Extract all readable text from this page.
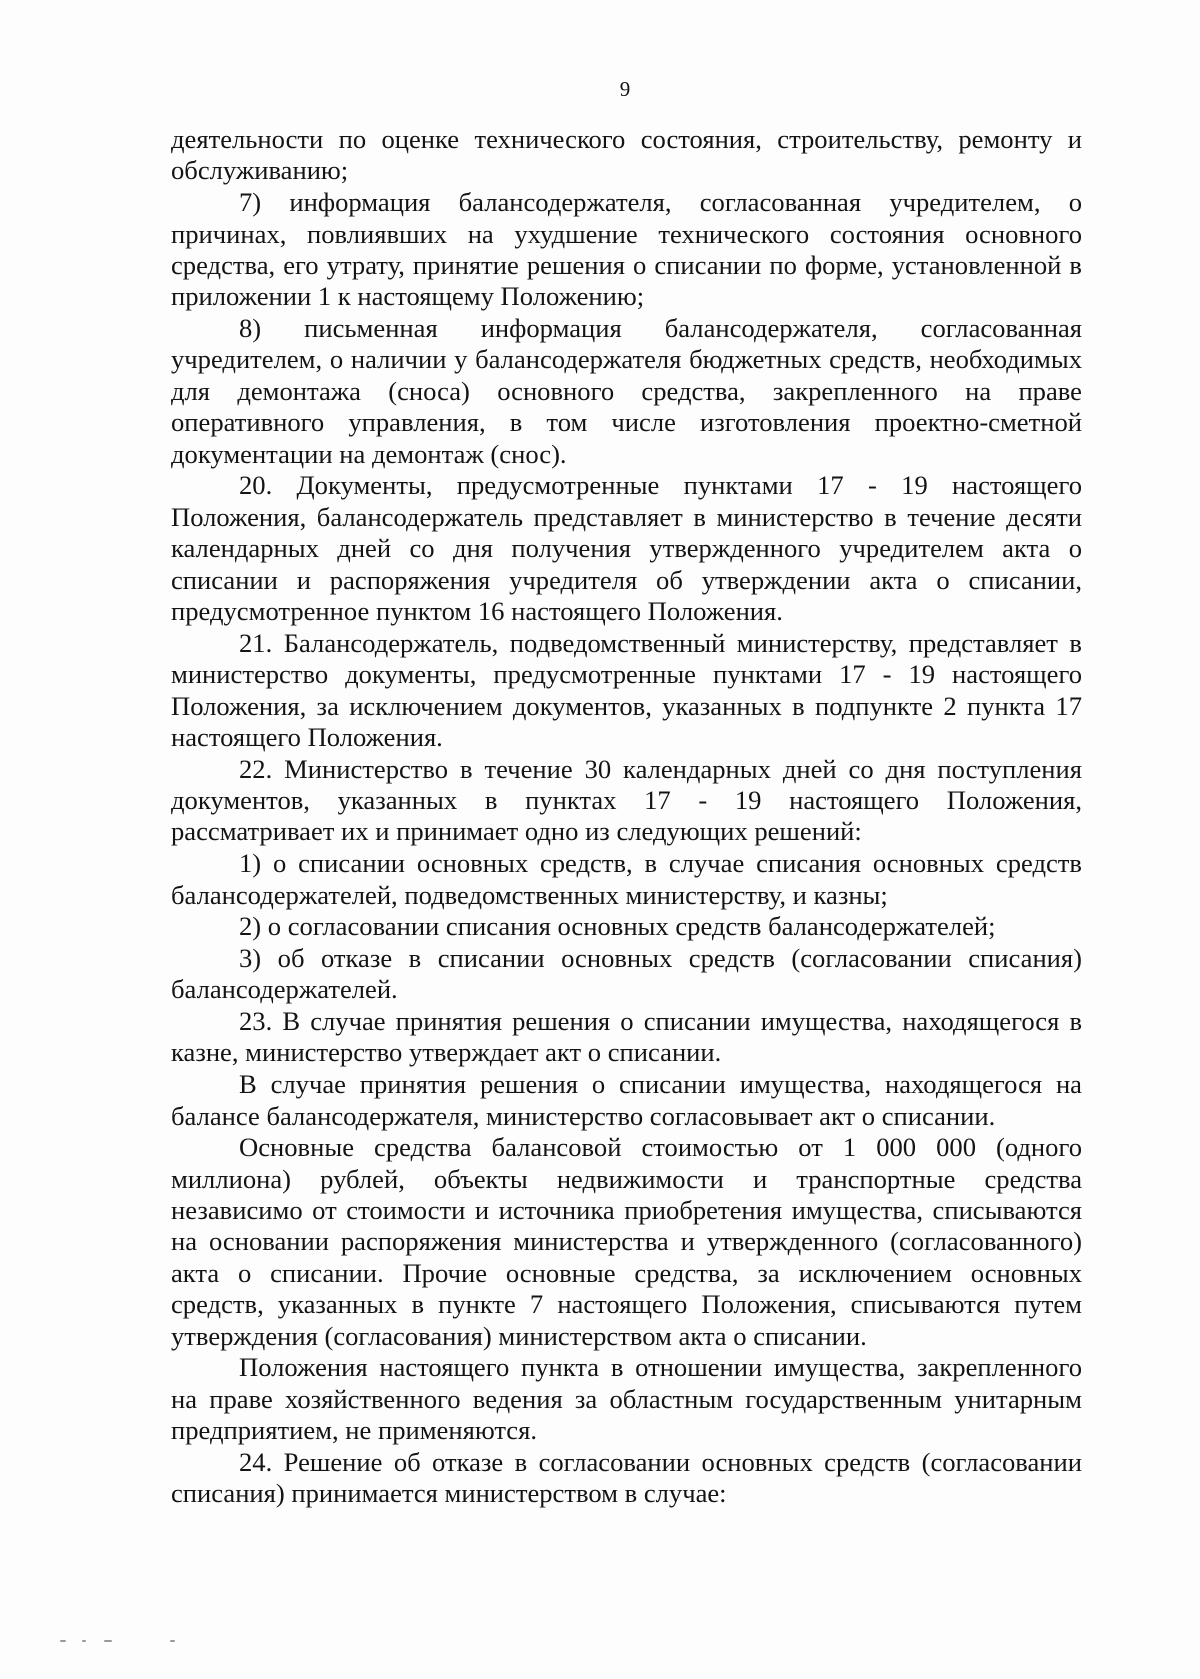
9

деятельности по оценке технического состояния, строительству, ремонту и обслуживанию;

7) информация балансодержателя, согласованная учредителем, о причинах, повлиявших на ухудшение технического состояния основного средства, его утрату, принятие решения о списании по форме, установленной в приложении 1 к настоящему Положению;

8) письменная информация балансодержателя, согласованная учредителем, о наличии у балансодержателя бюджетных средств, необходимых для демонтажа (сноса) основного средства, закрепленного на праве оперативного управления, в том числе изготовления проектно-сметной документации на демонтаж (снос).

20. Документы, предусмотренные пунктами 17 - 19 настоящего Положения, балансодержатель представляет в министерство в течение десяти календарных дней со дня получения утвержденного учредителем акта о списании и распоряжения учредителя об утверждении акта о списании, предусмотренное пунктом 16 настоящего Положения.

21. Балансодержатель, подведомственный министерству, представляет в министерство документы, предусмотренные пунктами 17 - 19 настоящего Положения, за исключением документов, указанных в подпункте 2 пункта 17 настоящего Положения.

22. Министерство в течение 30 календарных дней со дня поступления документов, указанных в пунктах 17 - 19 настоящего Положения, рассматривает их и принимает одно из следующих решений:

1) о списании основных средств, в случае списания основных средств балансодержателей, подведомственных министерству, и казны;

2) о согласовании списания основных средств балансодержателей;

3) об отказе в списании основных средств (согласовании списания) балансодержателей.

23. В случае принятия решения о списании имущества, находящегося в казне, министерство утверждает акт о списании.

В случае принятия решения о списании имущества, находящегося на балансе балансодержателя, министерство согласовывает акт о списании.

Основные средства балансовой стоимостью от 1 000 000 (одного миллиона) рублей, объекты недвижимости и транспортные средства независимо от стоимости и источника приобретения имущества, списываются на основании распоряжения министерства и утвержденного (согласованного) акта о списании. Прочие основные средства, за исключением основных средств, указанных в пункте 7 настоящего Положения, списываются путем утверждения (согласования) министерством акта о списании.

Положения настоящего пункта в отношении имущества, закрепленного на праве хозяйственного ведения за областным государственным унитарным предприятием, не применяются.

24. Решение об отказе в согласовании основных средств (согласовании списания) принимается министерством в случае:
